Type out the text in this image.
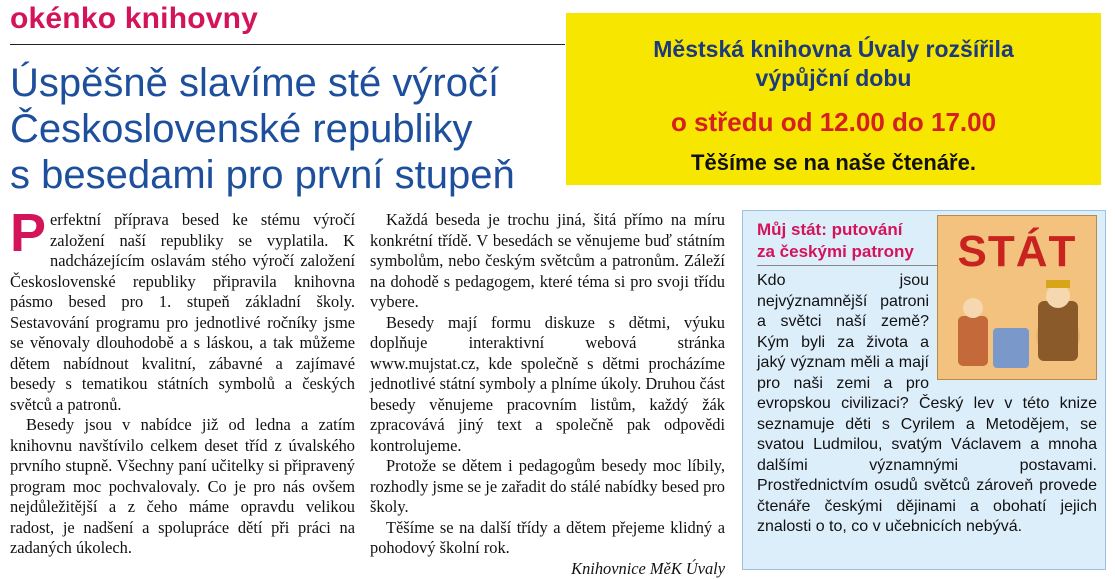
okénko knihovny
Úspěšně slavíme sté výročí
Československé republiky
s besedami pro první stupeň
Městská knihovna Úvaly rozšířila
výpůjční dobu
o středu od 12.00 do 17.00
Těšíme se na naše čtenáře.

Perfektní příprava besed ke stému výročí založení naší republiky se vyplatila. K nadcházejícím oslavám stého výročí založení Československé republiky připravila knihovna pásmo besed pro 1. stupeň základní školy. Sestavování programu pro jednotlivé ročníky jsme se věnovaly dlouhodobě a s láskou, a tak můžeme dětem nabídnout kvalitní, zábavné a zajímavé besedy s tematikou státních symbolů a českých světců a patronů.

Besedy jsou v nabídce již od ledna a zatím knihovnu navštívilo celkem deset tříd z úvalského prvního stupně. Všechny paní učitelky si připravený program moc pochvalovaly. Co je pro nás ovšem nejdůležitější a z čeho máme opravdu velikou radost, je nadšení a spolupráce dětí při práci na zadaných úkolech.

Každá beseda je trochu jiná, šitá přímo na míru konkrétní třídě. V besedách se věnujeme buď státním symbolům, nebo českým světcům a patronům. Záleží na dohodě s pedagogem, které téma si pro svoji třídu vybere.

Besedy mají formu diskuze s dětmi, výuku doplňuje interaktivní webová stránka www.mujstat.cz, kde společně s dětmi procházíme jednotlivé státní symboly a plníme úkoly. Druhou část besedy věnujeme pracovním listům, každý žák zpracovává jiný text a společně pak odpovědi kontrolujeme.

Protože se dětem i pedagogům besedy moc líbily, rozhodly jsme se je zařadit do stálé nabídky besed pro školy.

Těšíme se na další třídy a dětem přejeme klidný a pohodový školní rok.

Knihovnice MěK Úvaly
Můj stát: putování
za českými patrony STÁT
Kdo jsou nejvýznamnější patroni a světci naší země? Kým byli za života a jaký význam měli a mají pro naši zemi a pro evropskou civilizaci? Český lev v této knize seznamuje děti s Cyrilem a Metodějem, se svatou Ludmilou, svatým Václavem a mnoha dalšími významnými postavami. Prostřednictvím osudů světců zároveň provede čtenáře českými dějinami a obohatí jejich znalosti o to, co v učebnicích nebývá.
